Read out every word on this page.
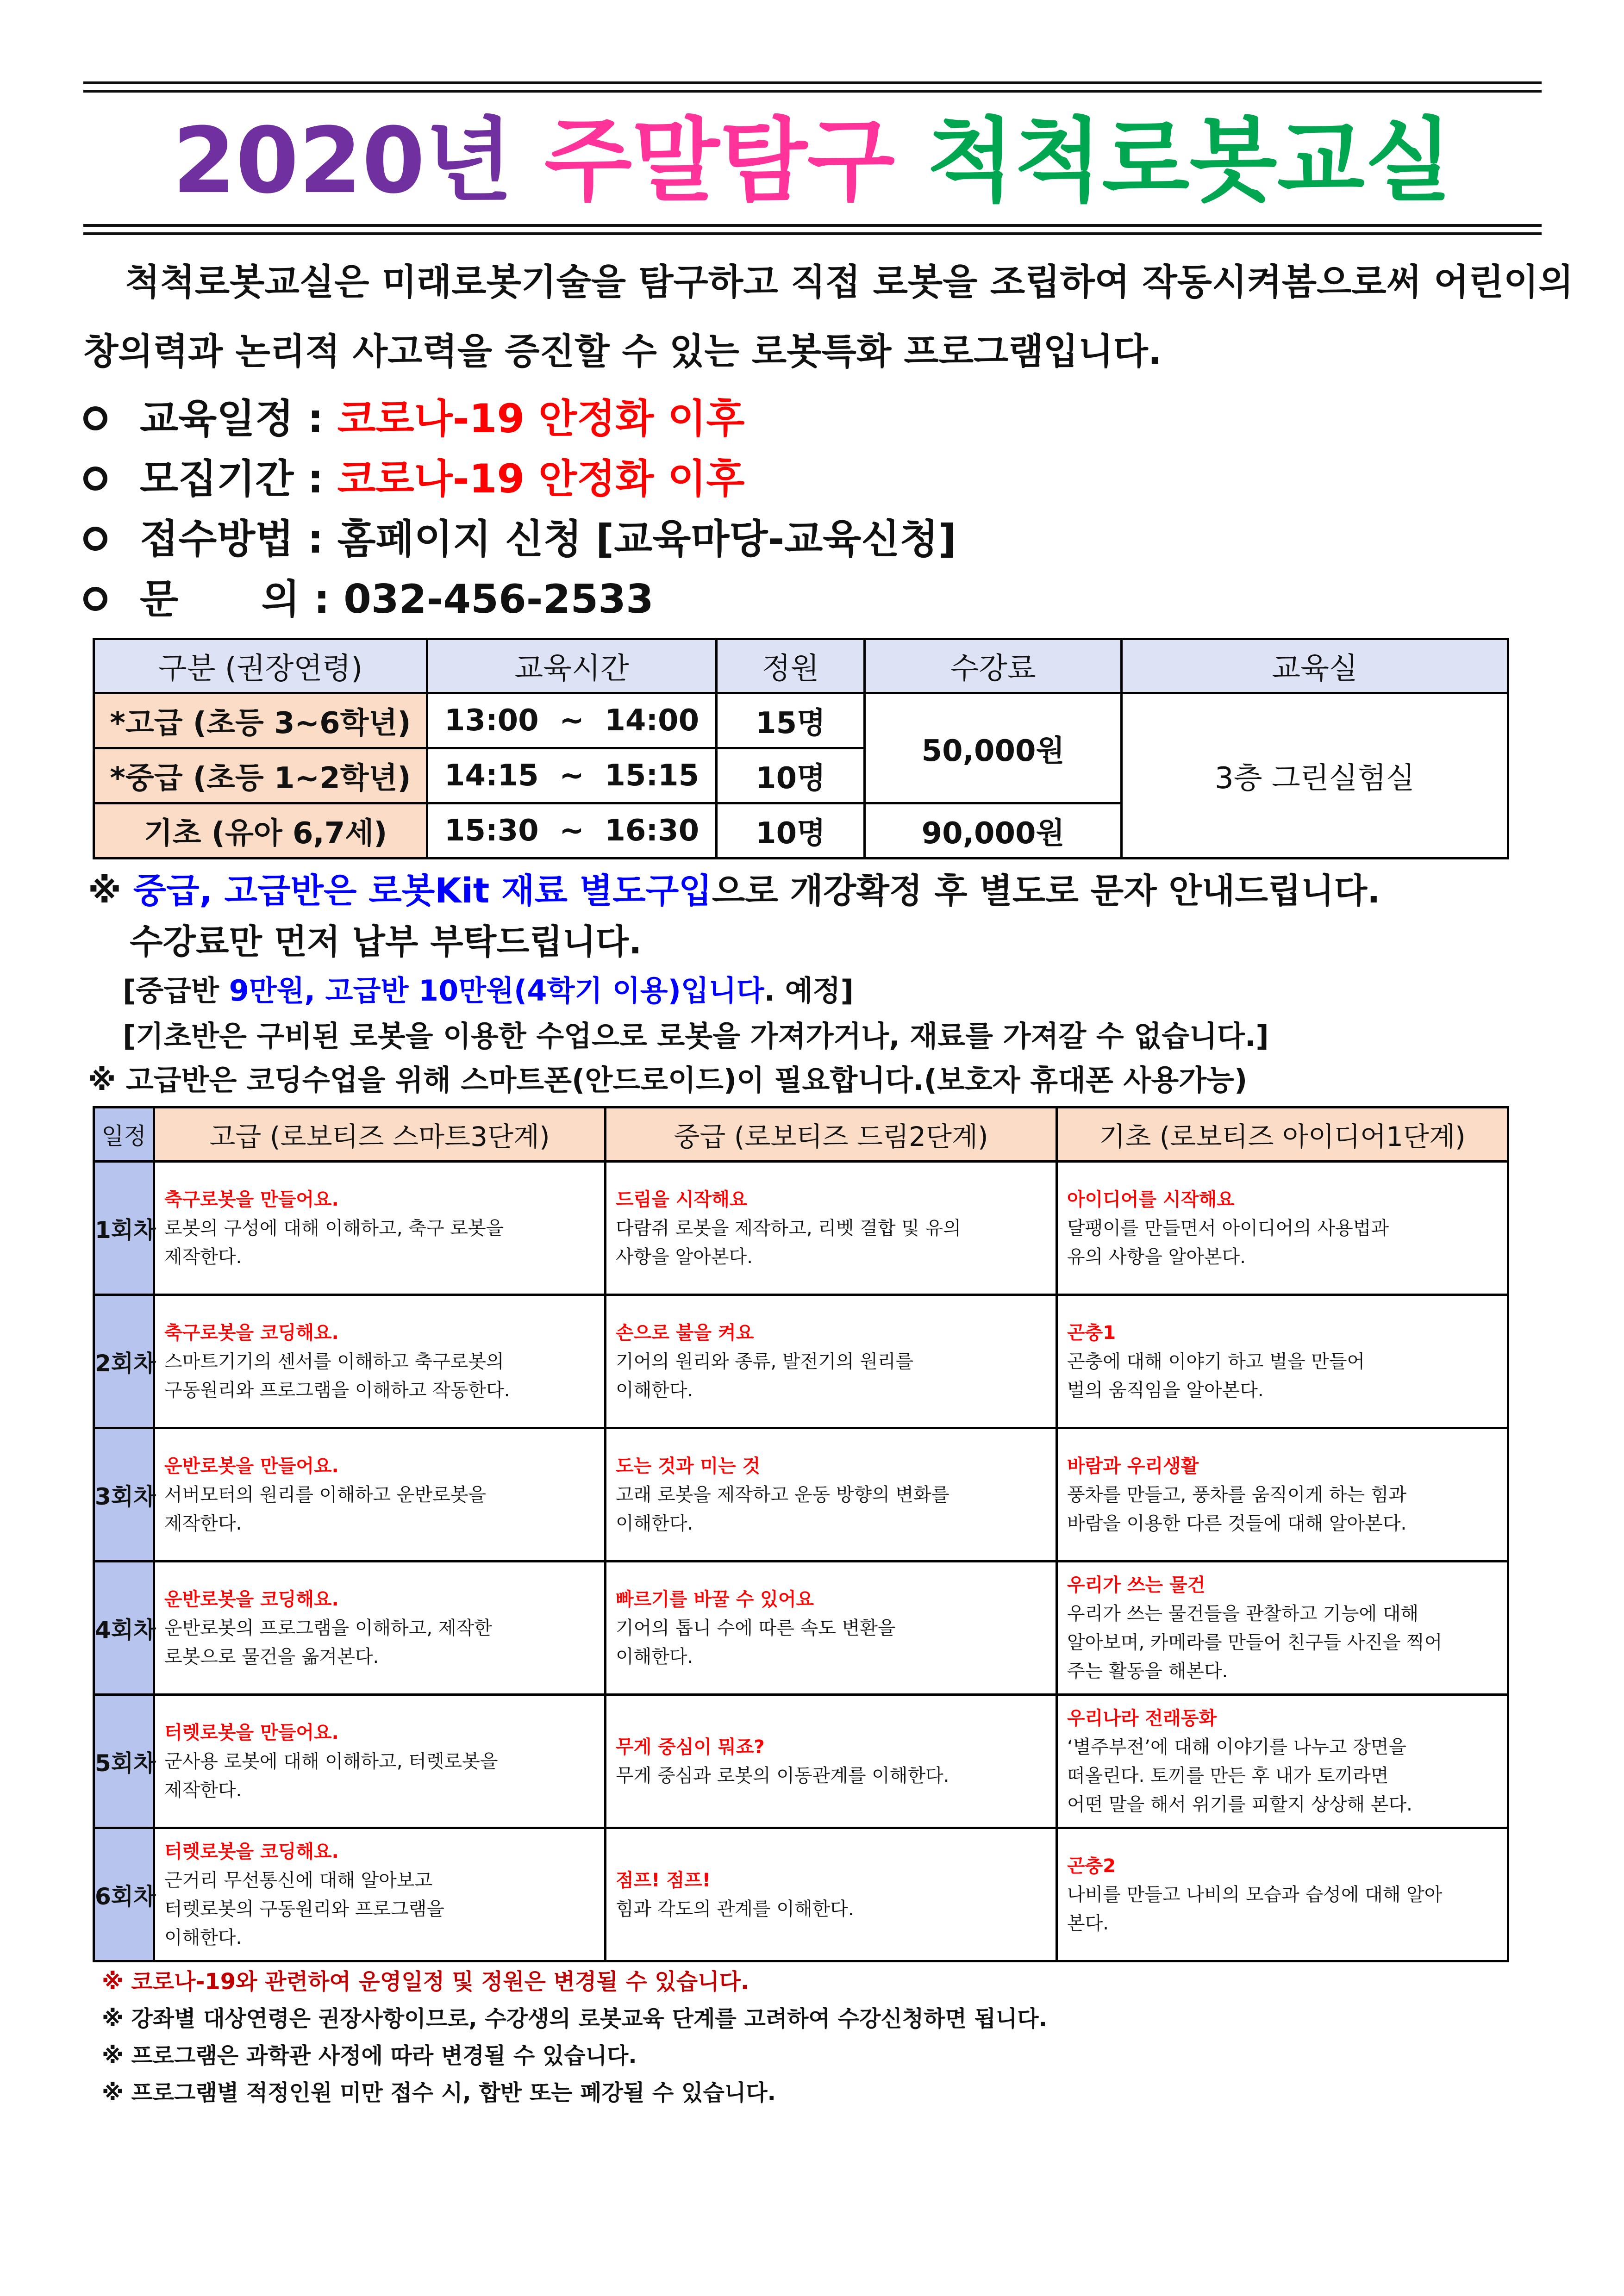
2020년 주말탐구 척척로봇교실
척척로봇교실은 미래로봇기술을 탐구하고 직접 로봇을 조립하여 작동시켜봄으로써 어린이의
창의력과 논리적 사고력을 증진할 수 있는 로봇특화 프로그램입니다.
교육일정 : 코로나-19 안정화 이후
모집기간 : 코로나-19 안정화 이후
접수방법 : 홈페이지 신청 [교육마당-교육신청]
문      의 : 032-456-2533
구분 (권장연령)	교육시간	정원	수강료	교육실
*고급 (초등 3~6학년)	13:00  ~  14:00	15명	50,000원	3층 그린실험실
*중급 (초등 1~2학년)	14:15  ~  15:15	10명		
기초 (유아 6,7세)	15:30  ~  16:30	10명	90,000원	
※ 중급, 고급반은 로봇Kit 재료 별도구입으로 개강확정 후 별도로 문자 안내드립니다.
수강료만 먼저 납부 부탁드립니다.
[중급반 9만원, 고급반 10만원(4학기 이용)입니다. 예정]
[기초반은 구비된 로봇을 이용한 수업으로 로봇을 가져가거나, 재료를 가져갈 수 없습니다.]
※ 고급반은 코딩수업을 위해 스마트폰(안드로이드)이 필요합니다.(보호자 휴대폰 사용가능)
일정	고급 (로보티즈 스마트3단계)	중급 (로보티즈 드림2단계)	기초 (로보티즈 아이디어1단계)
1회차	축구로봇을 만들어요.
로봇의 구성에 대해 이해하고, 축구 로봇을
제작한다.	드림을 시작해요
다람쥐 로봇을 제작하고, 리벳 결합 및 유의
사항을 알아본다.	아이디어를 시작해요
달팽이를 만들면서 아이디어의 사용법과
유의 사항을 알아본다.

2회차	축구로봇을 코딩해요.
스마트기기의 센서를 이해하고 축구로봇의
구동원리와 프로그램을 이해하고 작동한다.	손으로 불을 켜요
기어의 원리와 종류, 발전기의 원리를
이해한다.	곤충1
곤충에 대해 이야기 하고 벌을 만들어
벌의 움직임을 알아본다.

3회차	운반로봇을 만들어요.
서버모터의 원리를 이해하고 운반로봇을
제작한다.	도는 것과 미는 것
고래 로봇을 제작하고 운동 방향의 변화를
이해한다.	바람과 우리생활
풍차를 만들고, 풍차를 움직이게 하는 힘과
바람을 이용한 다른 것들에 대해 알아본다.

4회차	운반로봇을 코딩해요.
운반로봇의 프로그램을 이해하고, 제작한
로봇으로 물건을 옮겨본다.	빠르기를 바꿀 수 있어요
기어의 톱니 수에 따른 속도 변환을
이해한다.	우리가 쓰는 물건
우리가 쓰는 물건들을 관찰하고 기능에 대해
알아보며, 카메라를 만들어 친구들 사진을 찍어
주는 활동을 해본다.

5회차	터렛로봇을 만들어요.
군사용 로봇에 대해 이해하고, 터렛로봇을
제작한다.	무게 중심이 뭐죠?
무게 중심과 로봇의 이동관계를 이해한다.	우리나라 전래동화
‘별주부전’에 대해 이야기를 나누고 장면을
떠올린다. 토끼를 만든 후 내가 토끼라면
어떤 말을 해서 위기를 피할지 상상해 본다.

6회차	터렛로봇을 코딩해요.
근거리 무선통신에 대해 알아보고
터렛로봇의 구동원리와 프로그램을
이해한다.	점프! 점프!
힘과 각도의 관계를 이해한다.	곤충2
나비를 만들고 나비의 모습과 습성에 대해 알아
본다.
※ 코로나-19와 관련하여 운영일정 및 정원은 변경될 수 있습니다.
※ 강좌별 대상연령은 권장사항이므로, 수강생의 로봇교육 단계를 고려하여 수강신청하면 됩니다.
※ 프로그램은 과학관 사정에 따라 변경될 수 있습니다.
※ 프로그램별 적정인원 미만 접수 시, 합반 또는 폐강될 수 있습니다.
